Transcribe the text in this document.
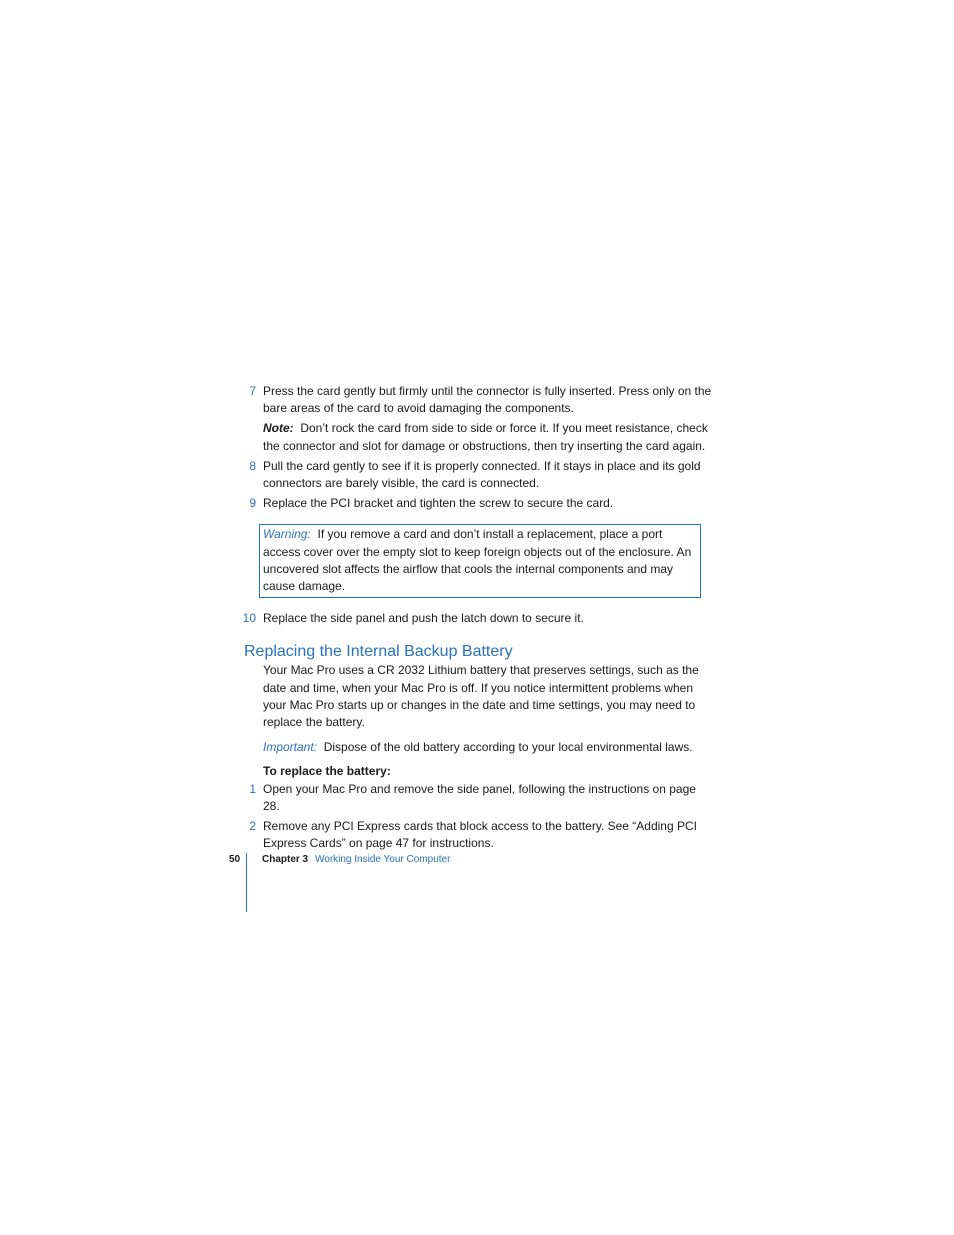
7 Press the card gently but firmly until the connector is fully inserted. Press only on the bare areas of the card to avoid damaging the components.

Note: Don’t rock the card from side to side or force it. If you meet resistance, check the connector and slot for damage or obstructions, then try inserting the card again.

8 Pull the card gently to see if it is properly connected. If it stays in place and its gold connectors are barely visible, the card is connected.
9 Replace the PCI bracket and tighten the screw to secure the card.
Warning: If you remove a card and don’t install a replacement, place a port access cover over the empty slot to keep foreign objects out of the enclosure. An uncovered slot affects the airflow that cools the internal components and may cause damage.
10 Replace the side panel and push the latch down to secure it.
Replacing the Internal Backup Battery

Your Mac Pro uses a CR 2032 Lithium battery that preserves settings, such as the date and time, when your Mac Pro is off. If you notice intermittent problems when your Mac Pro starts up or changes in the date and time settings, you may need to replace the battery.

Important: Dispose of the old battery according to your local environmental laws.

To replace the battery:

1 Open your Mac Pro and remove the side panel, following the instructions on page 28.
2 Remove any PCI Express cards that block access to the battery. See “Adding PCI Express Cards” on page 47 for instructions.
50 Chapter 3 Working Inside Your Computer
